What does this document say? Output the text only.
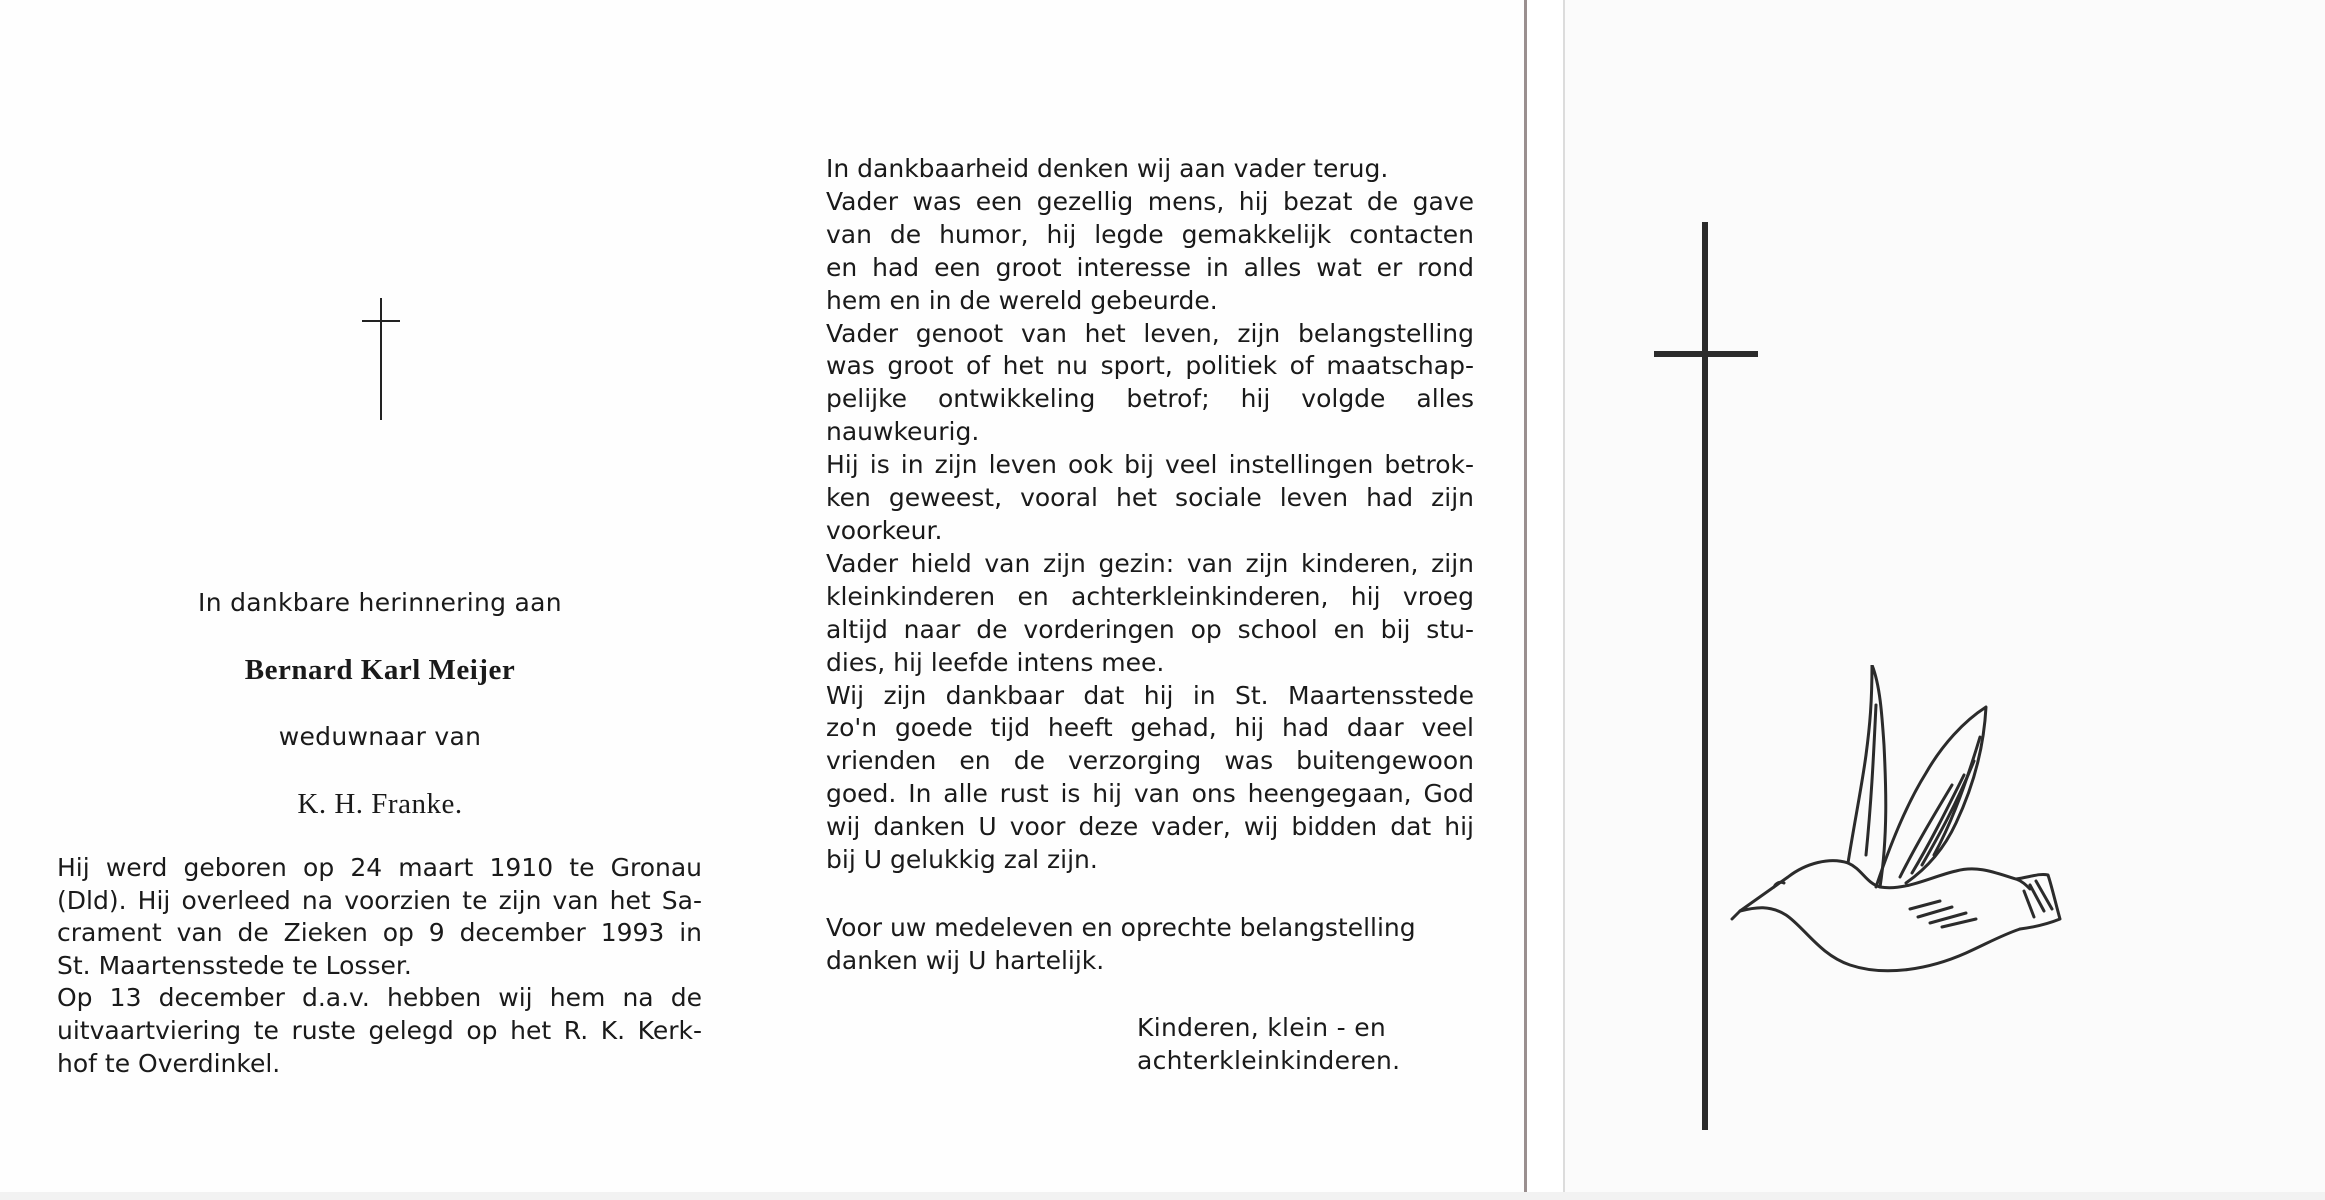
In dankbare herinnering aan
Bernard Karl Meijer
weduwnaar van
K. H. Franke.
Hij werd geboren op 24 maart 1910 te Gronau
(Dld). Hij overleed na voorzien te zijn van het Sa-
crament van de Zieken op 9 december 1993 in
St. Maartensstede te Losser.
Op 13 december d.a.v. hebben wij hem na de
uitvaartviering te ruste gelegd op het R. K. Kerk-
hof te Overdinkel.
In dankbaarheid denken wij aan vader terug.
Vader was een gezellig mens, hij bezat de gave
van de humor, hij legde gemakkelijk contacten
en had een groot interesse in alles wat er rond
hem en in de wereld gebeurde.
Vader genoot van het leven, zijn belangstelling
was groot of het nu sport, politiek of maatschap-
pelijke ontwikkeling betrof; hij volgde alles
nauwkeurig.
Hij is in zijn leven ook bij veel instellingen betrok-
ken geweest, vooral het sociale leven had zijn
voorkeur.
Vader hield van zijn gezin: van zijn kinderen, zijn
kleinkinderen en achterkleinkinderen, hij vroeg
altijd naar de vorderingen op school en bij stu-
dies, hij leefde intens mee.
Wij zijn dankbaar dat hij in St. Maartensstede
zo'n goede tijd heeft gehad, hij had daar veel
vrienden en de verzorging was buitengewoon
goed. In alle rust is hij van ons heengegaan, God
wij danken U voor deze vader, wij bidden dat hij
bij U gelukkig zal zijn.
Voor uw medeleven en oprechte belangstelling
danken wij U hartelijk.
Kinderen, klein - en
achterkleinkinderen.
